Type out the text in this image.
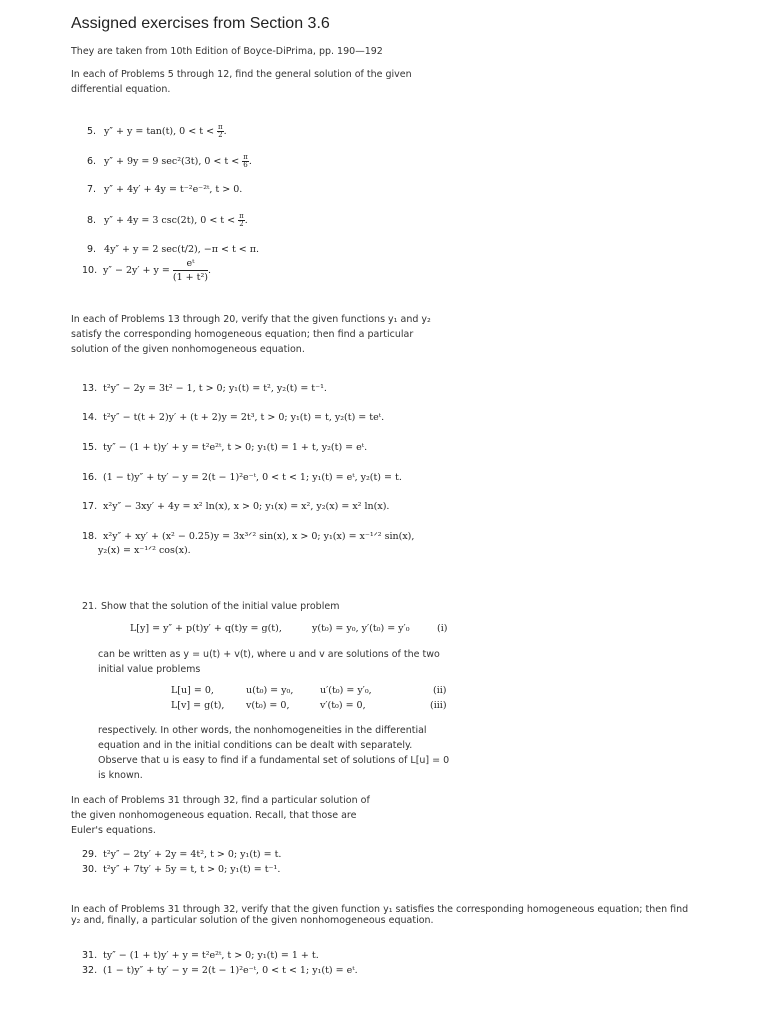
Assigned exercises from Section 3.6
They are taken from 10th Edition of Boyce-DiPrima, pp. 190—192
In each of Problems 5 through 12, find the general solution of the given differential equation.
5. y″ + y = tan(t), $0 < t < \frac{\pi}{2}$ .
6. y″ + 9y = 9 sec²(3t), $0 < t < \frac{\pi}{6}$ .
7. y″ + 4y′ + 4y = t⁻²e⁻²ᵗ, t > 0.
8. y″ + 4y = 3 csc(2t), $0 < t < \frac{\pi}{2}$ .
9. 4y″ + y = 2 sec(t/2), −π < t < π.
10. $y'' - 2y' + y = \frac{\text{eᵗ}}{\text{(1 + t²)}}$ .
In each of Problems 13 through 20, verify that the given functions y₁ and y₂ satisfy the corresponding homogeneous equation; then find a particular solution of the given nonhomogeneous equation.
13. t²y″ − 2y = 3t² − 1, t > 0; y₁(t) = t², y₂(t) = t⁻¹.
14. t²y″ − t(t + 2)y′ + (t + 2)y = 2t³, t > 0; y₁(t) = t, y₂(t) = teᵗ.
15. ty″ − (1 + t)y′ + y = t²e²ᵗ, t > 0; y₁(t) = 1 + t, y₂(t) = eᵗ.
16. (1 − t)y″ + ty′ − y = 2(t − 1)²e⁻ᵗ, 0 < t < 1; y₁(t) = eᵗ, y₂(t) = t.
17. x²y″ − 3xy′ + 4y = x² ln(x), x > 0; y₁(x) = x², y₂(x) = x² ln(x).
18. x²y″ + xy′ + (x² − 0.25)y = 3x³ᐟ² sin(x), x > 0; y₁(x) = x⁻¹ᐟ² sin(x),
y₂(x) = x⁻¹ᐟ² cos(x).
21. Show that the solution of the initial value problem
L[y] = y″ + p(t)y′ + q(t)y = g(t),	y(t₀) = y₀, y′(t₀) = y′₀	(i)
can be written as y = u(t) + v(t), where u and v are solutions of the two initial value problems
L[u] = 0,	u(t₀) = y₀,	u′(t₀) = y′₀,	(ii)
L[v] = g(t), v(t₀) = 0,	v′(t₀) = 0,	(iii)
respectively. In other words, the nonhomogeneities in the differential equation and in the initial conditions can be dealt with separately. Observe that u is easy to find if a fundamental set of solutions of L[u] = 0 is known.
In each of Problems 31 through 32, find a particular solution of the given nonhomogeneous equation. Recall, that those are Euler's equations.
29. t²y″ − 2ty′ + 2y = 4t², t > 0; y₁(t) = t.
30. t²y″ + 7ty′ + 5y = t, t > 0; y₁(t) = t⁻¹.
In each of Problems 31 through 32, verify that the given function y₁ satisfies the corresponding homogeneous equation; then find y₂ and, finally, a particular solution of the given nonhomogeneous equation.
31. ty″ − (1 + t)y′ + y = t²e²ᵗ, t > 0; y₁(t) = 1 + t.
32. (1 − t)y″ + ty′ − y = 2(t − 1)²e⁻ᵗ, 0 < t < 1; y₁(t) = eᵗ.
